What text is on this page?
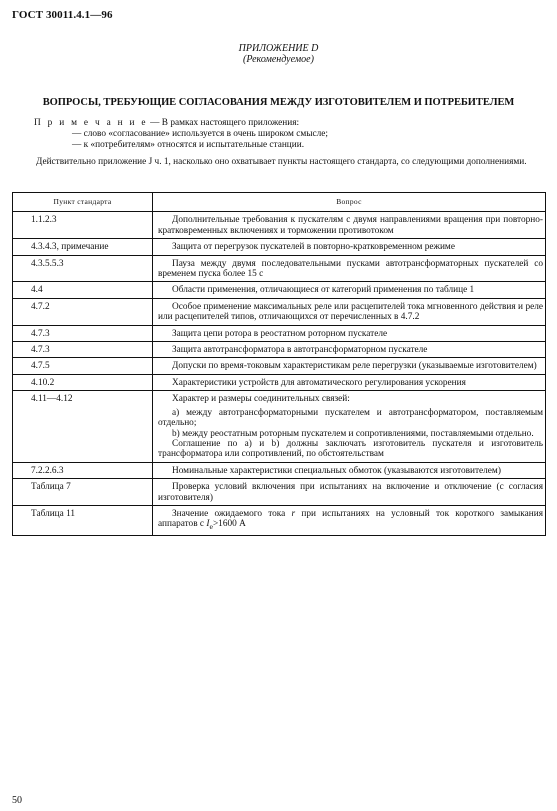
ГОСТ 30011.4.1—96
ПРИЛОЖЕНИЕ D
(Рекомендуемое)
ВОПРОСЫ, ТРЕБУЮЩИЕ СОГЛАСОВАНИЯ МЕЖДУ ИЗГОТОВИТЕЛЕМ И ПОТРЕБИТЕЛЕМ
П р и м е ч а н и е — В рамках настоящего приложения:
— слово «согласование» используется в очень широком смысле;
— к «потребителям» относятся и испытательные станции.
Действительно приложение J ч. 1, насколько оно охватывает пункты настоящего стандарта, со следующими дополнениями.
Пункт стандарта	Вопрос
1.1.2.3	Дополнительные требования к пускателям с двумя направлениями вращения при повторно-кратковременных включениях и торможении противотоком

4.3.4.3, примечание	Защита от перегрузок пускателей в повторно-кратковременном режиме

4.3.5.5.3	Пауза между двумя последовательными пусками автотрансформаторных пускателей со временем пуска более 15 с

4.4	Области применения, отличающиеся от категорий применения по таблице 1

4.7.2	Особое применение максимальных реле или расцепителей тока мгновенного действия и реле или расцепителей типов, отличающихся от перечисленных в 4.7.2

4.7.3	Защита цепи ротора в реостатном роторном пускателе

4.7.3	Защита автотрансформатора в автотрансформаторном пускателе

4.7.5	Допуски по время-токовым характеристикам реле перегрузки (указываемые изготовителем)

4.10.2	Характеристики устройств для автоматического регулирования ускорения

4.11—4.12	Характер и размеры соединительных связей:
а) между автотрансформаторными пускателем и автотрансформатором, поставляемым отдельно;
b) между реостатным роторным пускателем и сопротивлениями, поставляемыми отдельно.
Соглашение по а) и b) должны заключать изготовитель пускателя и изготовитель трансформатора или сопротивлений, по обстоятельствам

7.2.2.6.3	Номинальные характеристики специальных обмоток (указываются изготовителем)

Таблица 7	Проверка условий включения при испытаниях на включение и отключение (с согласия изготовителя)

Таблица 11	Значение ожидаемого тока r при испытаниях на условный ток короткого замыкания аппаратов с $I_e>1600$ А
50
